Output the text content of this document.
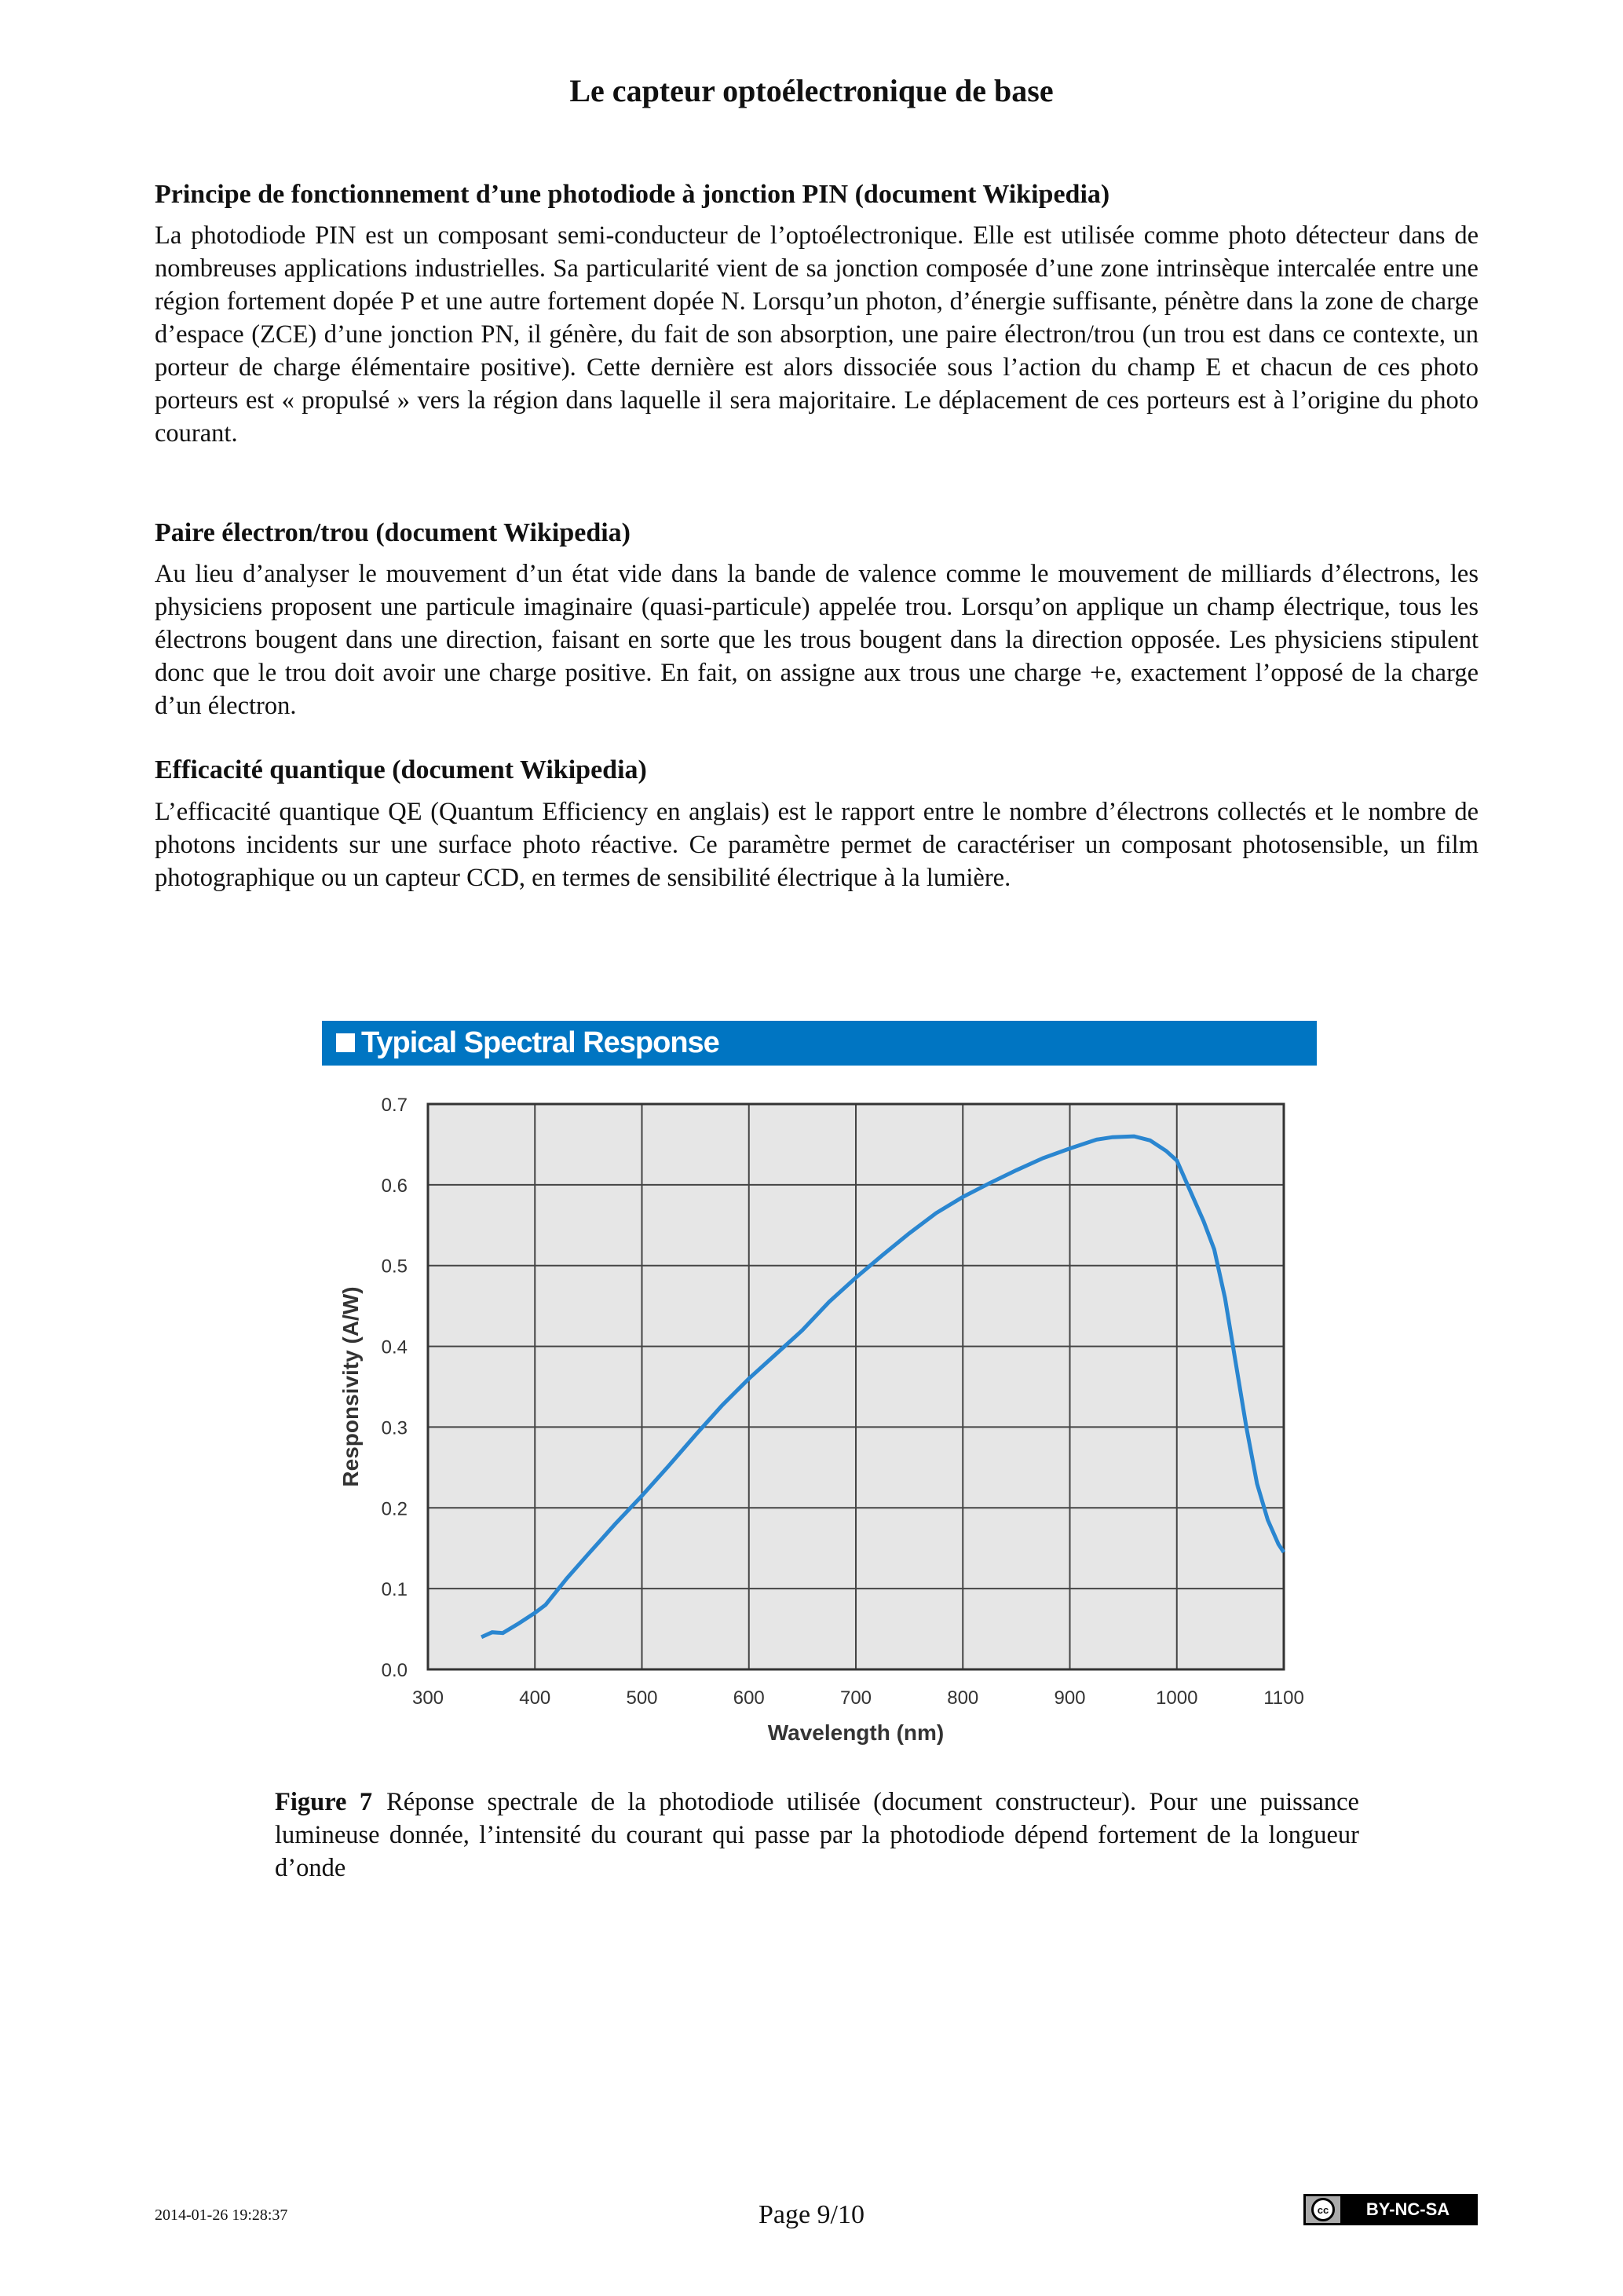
Le capteur optoélectronique de base
Principe de fonctionnement d’une photodiode à jonction PIN (document Wikipedia)
La photodiode PIN est un composant semi-conducteur de l’optoélectronique. Elle est utilisée comme photo détecteur dans de nombreuses applications industrielles. Sa particularité vient de sa jonction composée d’une zone intrinsèque intercalée entre une région fortement dopée P et une autre fortement dopée N. Lorsqu’un photon, d’énergie suffisante, pénètre dans la zone de charge d’espace (ZCE) d’une jonction PN, il génère, du fait de son absorption, une paire électron/trou (un trou est dans ce contexte, un porteur de charge élémentaire positive). Cette dernière est alors dissociée sous l’action du champ E et chacun de ces photo porteurs est « propulsé » vers la région dans laquelle il sera majoritaire. Le déplacement de ces porteurs est à l’origine du photo courant.
Paire électron/trou (document Wikipedia)
Au lieu d’analyser le mouvement d’un état vide dans la bande de valence comme le mouvement de milliards d’électrons, les physiciens proposent une particule imaginaire (quasi-particule) appelée trou. Lorsqu’on applique un champ électrique, tous les électrons bougent dans une direction, faisant en sorte que les trous bougent dans la direction opposée. Les physiciens stipulent donc que le trou doit avoir une charge positive. En fait, on assigne aux trous une charge +e, exactement l’opposé de la charge d’un électron.
Efficacité quantique (document Wikipedia)
L’efficacité quantique QE (Quantum Efficiency en anglais) est le rapport entre le nombre d’électrons collectés et le nombre de photons incidents sur une surface photo réactive. Ce paramètre permet de caractériser un composant photosensible, un film photographique ou un capteur CCD, en termes de sensibilité électrique à la lumière.
Typical Spectral Response
300	400	500	600	700	800	900	1000	1100
0.0
0.1
0.2
0.3
0.4
0.5
0.6
0.7
Wavelength (nm)
Responsivity (A/W)
Figure 7 Réponse spectrale de la photodiode utilisée (document constructeur). Pour une puissance lumineuse donnée, l’intensité du courant qui passe par la photodiode dépend fortement de la longueur d’onde
2014-01-26 19:28:37	Page 9/10	cc	BY-NC-SA
